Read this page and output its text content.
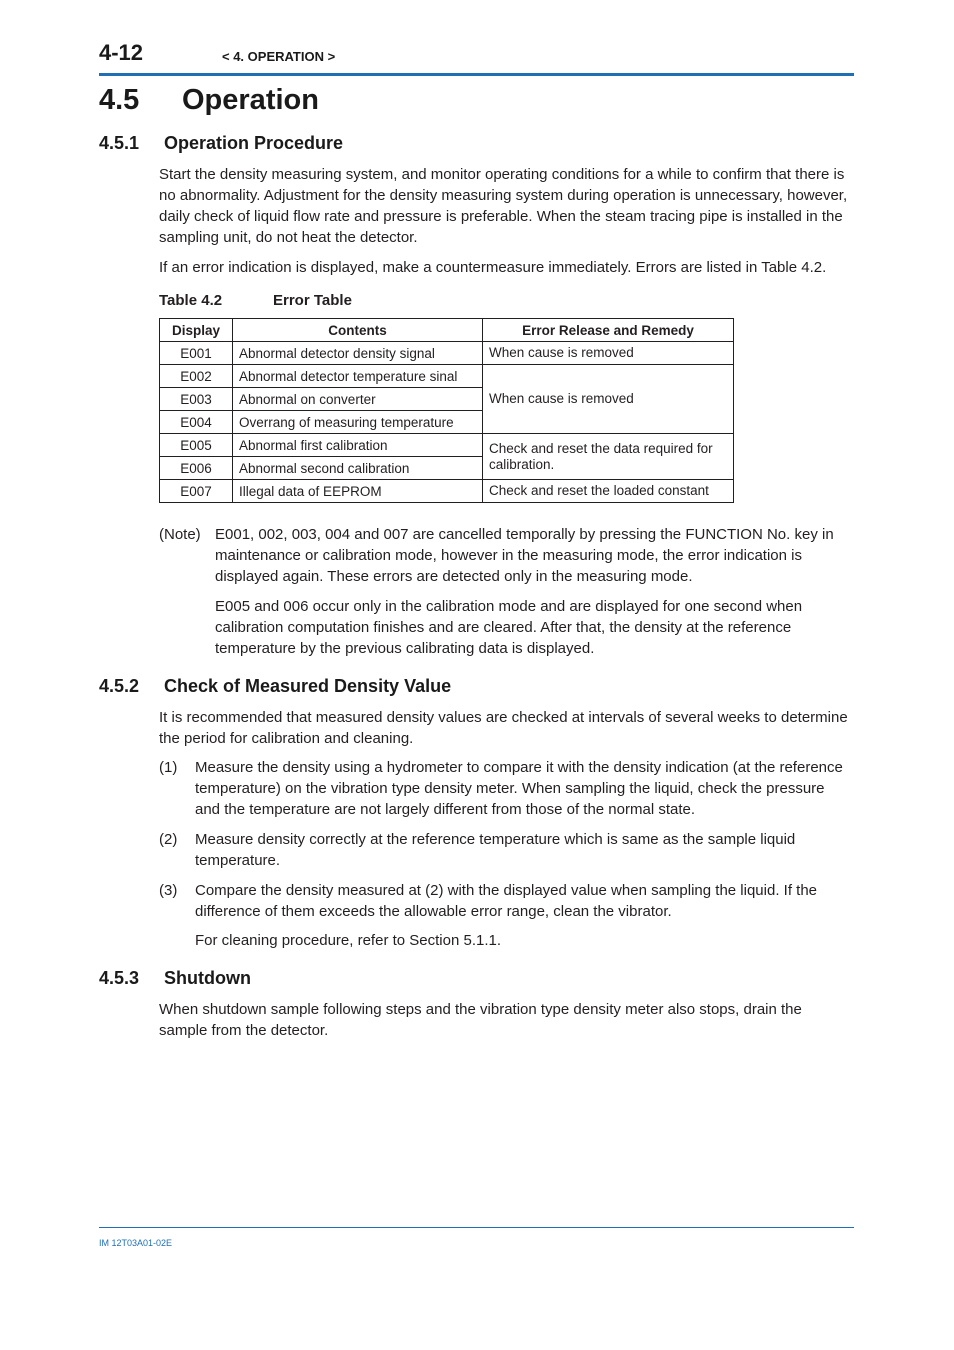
4-12	< 4. OPERATION >
4.5 Operation
4.5.1 Operation Procedure
Start the density measuring system, and monitor operating conditions for a while to confirm that there is no abnormality. Adjustment for the density measuring system during operation is unnecessary, however, daily check of liquid flow rate and pressure is preferable. When the steam tracing pipe is installed in the sampling unit, do not heat the detector.
If an error indication is displayed, make a countermeasure immediately. Errors are listed in Table 4.2.
Table 4.2	Error Table
Display	Contents	Error Release and Remedy
E001	Abnormal detector density signal	When cause is removed
E002	Abnormal detector temperature sinal	When cause is removed
E003	Abnormal on converter	
E004	Overrang of measuring temperature	
E005	Abnormal first calibration	Check and reset the data required for calibration.
E006	Abnormal second calibration	
E007	Illegal data of EEPROM	Check and reset the loaded constant
(Note) E001, 002, 003, 004 and 007 are cancelled temporally by pressing the FUNCTION No. key in maintenance or calibration mode, however in the measuring mode, the error indication is displayed again. These errors are detected only in the measuring mode.
E005 and 006 occur only in the calibration mode and are displayed for one second when calibration computation finishes and are cleared. After that, the density at the reference temperature by the previous calibrating data is displayed.
4.5.2 Check of Measured Density Value
It is recommended that measured density values are checked at intervals of several weeks to determine the period for calibration and cleaning.
(1) Measure the density using a hydrometer to compare it with the density indication (at the reference temperature) on the vibration type density meter. When sampling the liquid, check the pressure and the temperature are not largely different from those of the normal state.
(2) Measure density correctly at the reference temperature which is same as the sample liquid temperature.
(3) Compare the density measured at (2) with the displayed value when sampling the liquid. If the difference of them exceeds the allowable error range, clean the vibrator.
For cleaning procedure, refer to Section 5.1.1.
4.5.3 Shutdown
When shutdown sample following steps and the vibration type density meter also stops, drain the sample from the detector.
IM 12T03A01-02E
